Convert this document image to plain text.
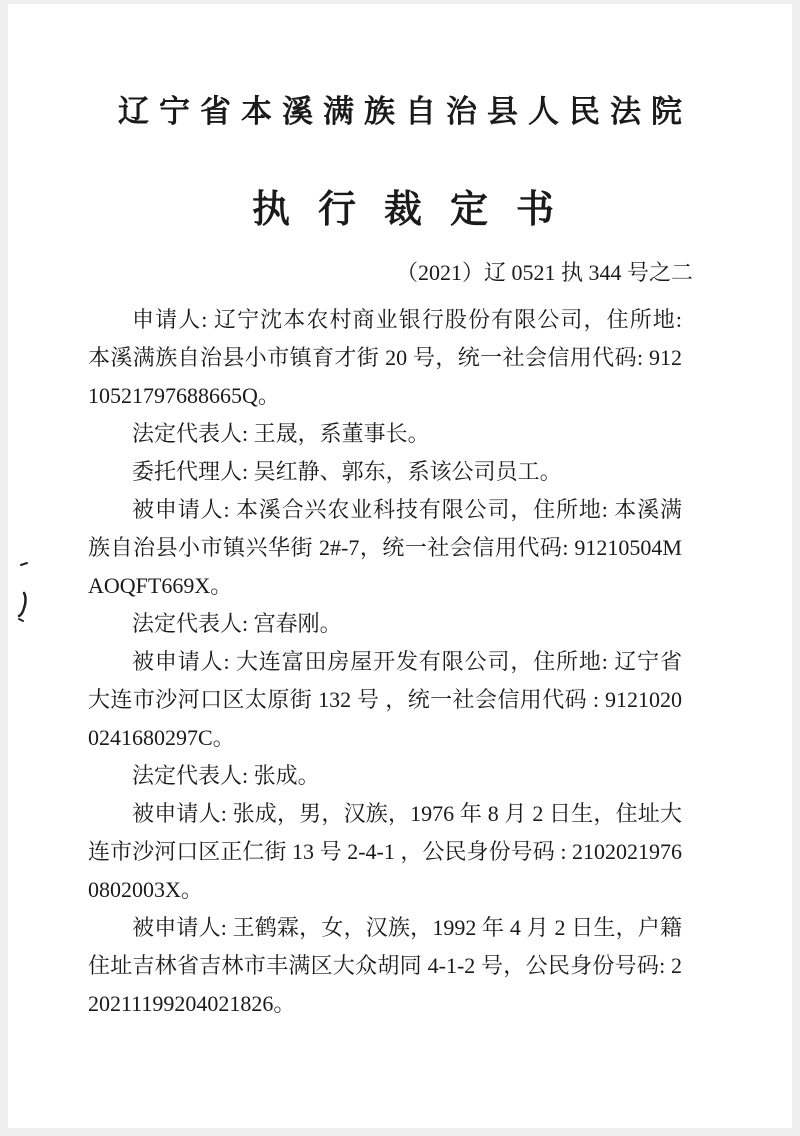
辽宁省本溪满族自治县人民法院
执行裁定书
（2021）辽 0521 执 344 号之二

申请人: 辽宁沈本农村商业银行股份有限公司，住所地: 本溪满族自治县小市镇育才街 20 号，统一社会信用代码: 91210521797688665Q。

法定代表人: 王晟，系董事长。

委托代理人: 吴红静、郭东，系该公司员工。

被申请人: 本溪合兴农业科技有限公司，住所地: 本溪满族自治县小市镇兴华街 2#-7，统一社会信用代码: 91210504MAOQFT669X。

法定代表人: 宫春刚。

被申请人: 大连富田房屋开发有限公司，住所地: 辽宁省大连市沙河口区太原街 132 号 ，统一社会信用代码 : 91210200241680297C。

法定代表人: 张成。

被申请人: 张成，男，汉族，1976 年 8 月 2 日生，住址大连市沙河口区正仁街 13 号 2-4-1 ，公民身份号码 : 21020219760802003X。

被申请人: 王鹤霖，女，汉族，1992 年 4 月 2 日生，户籍住址吉林省吉林市丰满区大众胡同 4-1-2 号，公民身份号码: 220211199204021826。
